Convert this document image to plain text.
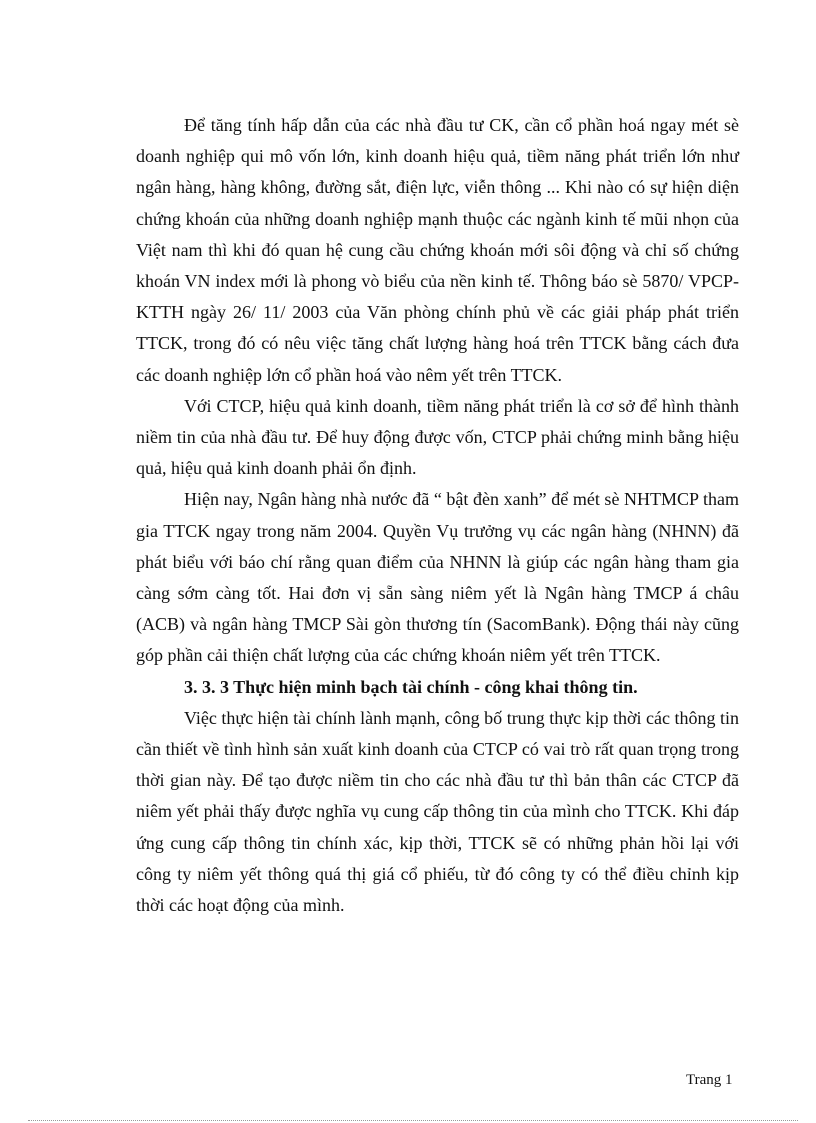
Để tăng tính hấp dẫn của các nhà đầu tư CK, cần cổ phần hoá ngay mét sè doanh nghiệp qui mô vốn lớn, kinh doanh hiệu quả, tiềm năng phát triển lớn như ngân hàng, hàng không, đường sắt, điện lực, viễn thông ... Khi nào có sự hiện diện chứng khoán của những doanh nghiệp mạnh thuộc các ngành kinh tế mũi nhọn của Việt nam thì khi đó quan hệ cung cầu chứng khoán mới sôi động và chỉ số chứng khoán VN index mới là phong vò biểu của nền kinh tế. Thông báo sè 5870/ VPCP-KTTH ngày 26/ 11/ 2003 của Văn phòng chính phủ về các giải pháp phát triển TTCK, trong đó có nêu việc tăng chất lượng hàng hoá trên TTCK bằng cách đưa các doanh nghiệp lớn cổ phần hoá vào nêm yết trên TTCK.

Với CTCP, hiệu quả kinh doanh, tiềm năng phát triển là cơ sở để hình thành niềm tin của nhà đầu tư. Để huy động được vốn, CTCP phải chứng minh bằng hiệu quả, hiệu quả kinh doanh phải ổn định.

Hiện nay, Ngân hàng nhà nước đã “ bật đèn xanh” để mét sè NHTMCP tham gia TTCK ngay trong năm 2004. Quyền Vụ trưởng vụ các ngân hàng (NHNN) đã phát biểu với báo chí rằng quan điểm của NHNN là giúp các ngân hàng tham gia càng sớm càng tốt. Hai đơn vị sẵn sàng niêm yết là Ngân hàng TMCP á châu (ACB) và ngân hàng TMCP Sài gòn thương tín (SacomBank). Động thái này cũng góp phần cải thiện chất lượng của các chứng khoán niêm yết trên TTCK.

3. 3. 3 Thực hiện minh bạch tài chính - công khai thông tin.

Việc thực hiện tài chính lành mạnh, công bố trung thực kịp thời các thông tin cần thiết về tình hình sản xuất kinh doanh của CTCP có vai trò rất quan trọng trong thời gian này. Để tạo được niềm tin cho các nhà đầu tư thì bản thân các CTCP đã niêm yết phải thấy được nghĩa vụ cung cấp thông tin của mình cho TTCK. Khi đáp ứng cung cấp thông tin chính xác, kịp thời, TTCK sẽ có những phản hồi lại với công ty niêm yết thông quá thị giá cổ phiếu, từ đó công ty có thể điều chỉnh kịp thời các hoạt động của mình.

Trang 1
